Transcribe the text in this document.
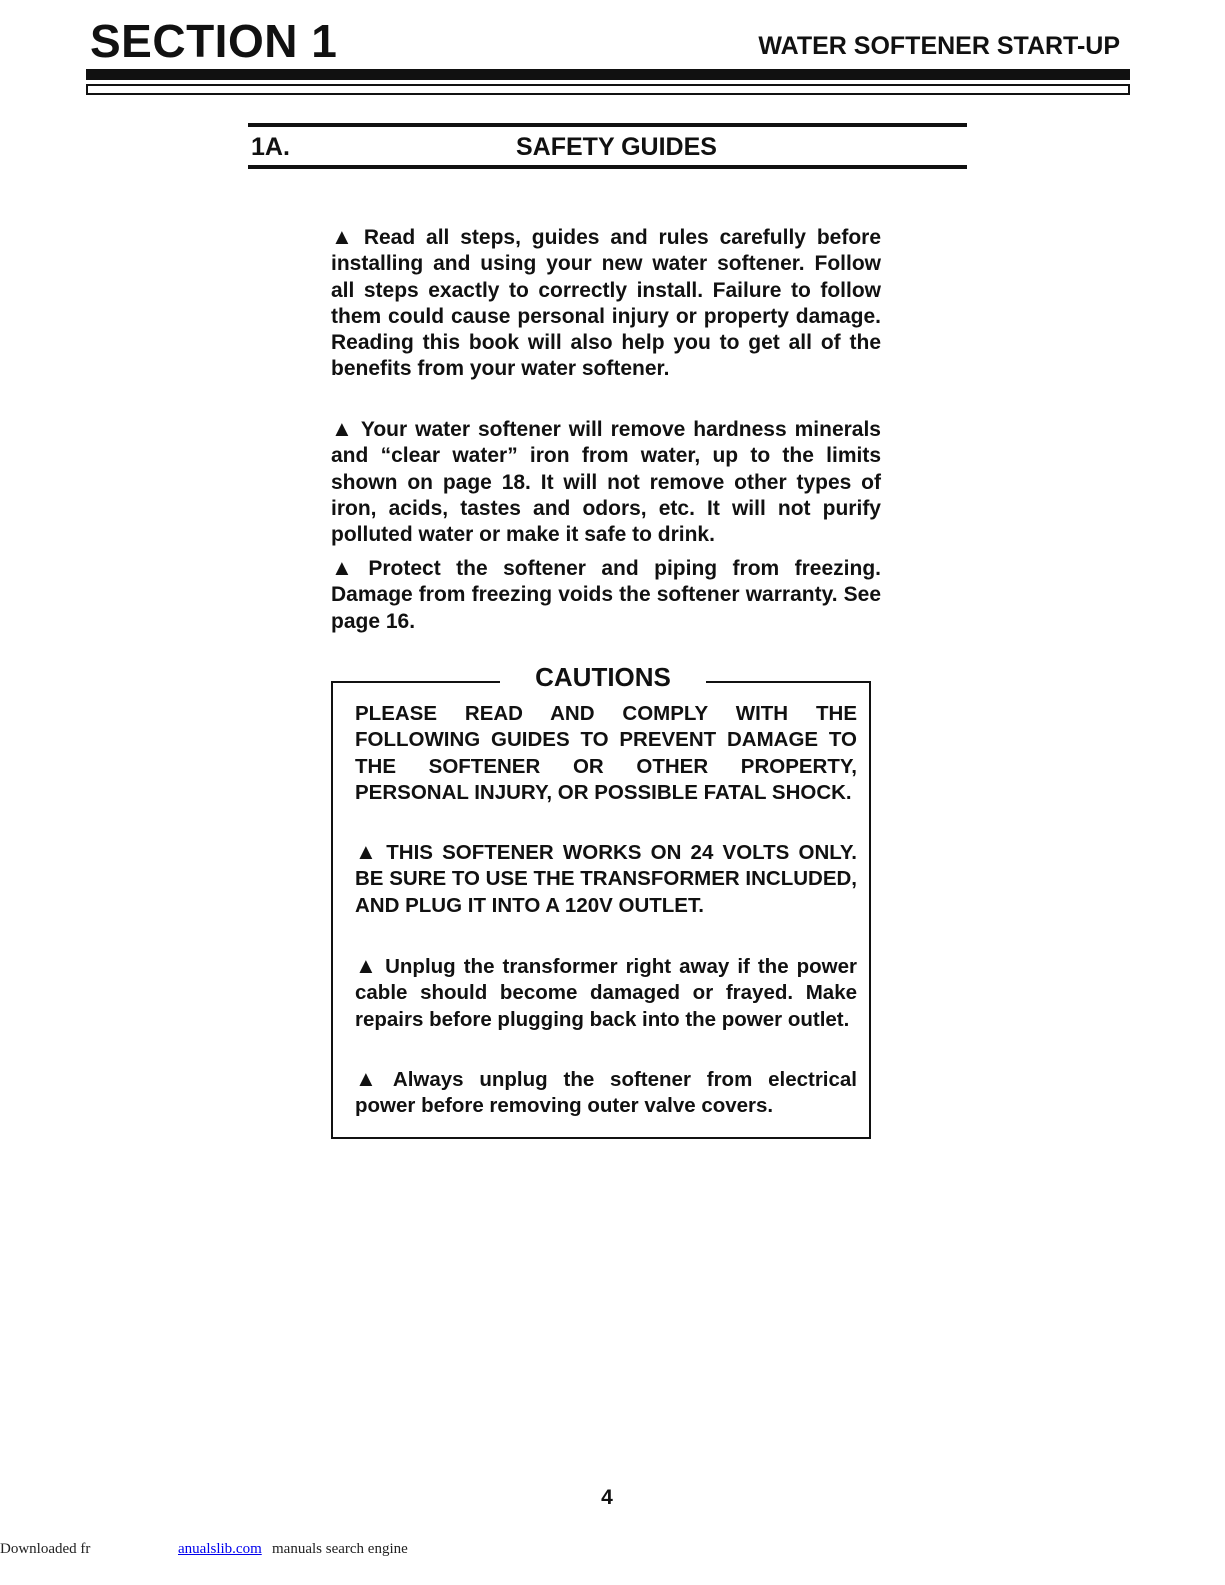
SECTION 1	WATER SOFTENER START-UP
1A.	SAFETY GUIDES

▲ Read all steps, guides and rules carefully before installing and using your new water softener. Follow all steps exactly to correctly install. Failure to follow them could cause personal injury or property damage. Reading this book will also help you to get all of the benefits from your water softener.

▲ Your water softener will remove hardness minerals and “clear water” iron from water, up to the limits shown on page 18. It will not remove other types of iron, acids, tastes and odors, etc. It will not purify polluted water or make it safe to drink.

▲ Protect the softener and piping from freezing. Damage from freezing voids the softener warranty. See page 16.

CAUTIONS

PLEASE READ AND COMPLY WITH THE FOLLOWING GUIDES TO PREVENT DAMAGE TO THE SOFTENER OR OTHER PROPERTY, PERSONAL INJURY, OR POSSIBLE FATAL SHOCK.

▲ THIS SOFTENER WORKS ON 24 VOLTS ONLY. BE SURE TO USE THE TRANSFORMER INCLUDED, AND PLUG IT INTO A 120V OUTLET.

▲ Unplug the transformer right away if the power cable should become damaged or frayed. Make repairs before plugging back into the power outlet.

▲ Always unplug the softener from electrical power before removing outer valve covers.

4
Downloaded fr	anualslib.com manuals search engine
